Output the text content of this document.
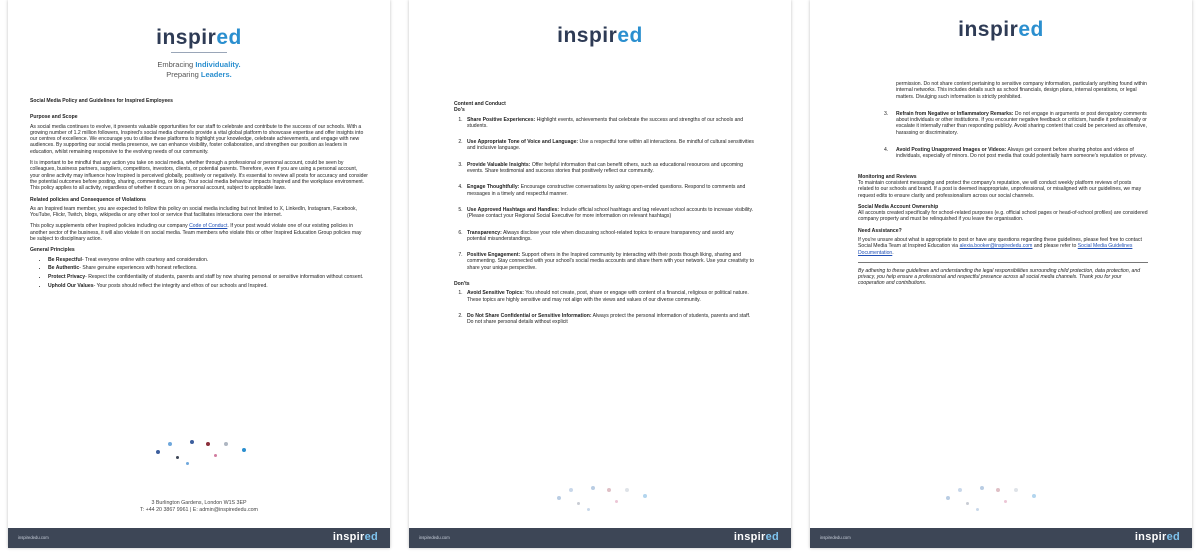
inspired
Embracing Individuality.
Preparing Leaders.
Social Media Policy and Guidelines for Inspired Employees
Purpose and Scope
As social media continues to evolve, it presents valuable opportunities for our staff to celebrate and contribute to the success of our schools. With a growing number of 1.2 million followers, Inspired's social media channels provide a vital global platform to showcase expertise and offer insights into our centres of excellence. We encourage you to utilise these platforms to highlight your knowledge, celebrate achievements, and engage with new audiences. By supporting our social media presence, we can enhance visibility, foster collaboration, and strengthen our position as leaders in education, whilst remaining responsive to the evolving needs of our community.
It is important to be mindful that any action you take on social media, whether through a professional or personal account, could be seen by colleagues, business partners, suppliers, competitors, investors, clients, or potential parents. Therefore, even if you are using a personal account, your online activity may influence how Inspired is perceived globally, positively or negatively. It's essential to review all posts for accuracy and consider the potential outcomes before posting, sharing, commenting, or liking. Your social media behaviour impacts Inspired and the workplace environment. This policy applies to all activity, regardless of whether it occurs on a personal account, subject to applicable laws.
Related policies and Consequence of Violations
As an Inspired team member, you are expected to follow this policy on social media including but not limited to X, LinkedIn, Instagram, Facebook, YouTube, Flickr, Twitch, blogs, wikipedia or any other tool or service that facilitates interactions over the internet.
This policy supplements other Inspired policies including our company Code of Conduct. If your post would violate one of our existing policies in another sector of the business, it will also violate it on social media. Team members who violate this or other Inspired Education Group policies may be subject to disciplinary action.
General Principles
• Be Respectful- Treat everyone online with courtesy and consideration.
• Be Authentic- Share genuine experiences with honest reflections.
• Protect Privacy- Respect the confidentiality of students, parents and staff by now sharing personal or sensitive information without consent.
• Uphold Our Values- Your posts should reflect the integrity and ethos of our schools and Inspired.
3 Burlington Gardens, London W1S 3EP
T: +44 20 3867 9961 | E: admin@inspirededu.com
inspirededu.com	inspired
inspired
Content and Conduct
Do's
1. Share Positive Experiences: Highlight events, achievements that celebrate the success and strengths of our schools and students.
2. Use Appropriate Tone of Voice and Language: Use a respectful tone within all interactions. Be mindful of cultural sensitivities and inclusive language.
3. Provide Valuable Insights: Offer helpful information that can benefit others, such as educational resources and upcoming events. Share testimonial and success stories that positively reflect our community.
4. Engage Thoughtfully: Encourage constructive conversations by asking open-ended questions. Respond to comments and messages in a timely and respectful manner.
5. Use Approved Hashtags and Handles: Include official school hashtags and tag relevant school accounts to increase visibility. (Please contact your Regional Social Executive for more information on relevant hashtags)
6. Transparency: Always disclose your role when discussing school-related topics to ensure transparency and avoid any potential misunderstandings.
7. Positive Engagement: Support others in the Inspired community by interacting with their posts though liking, sharing and commenting. Stay connected with your school's social media accounts and share them with your network. Use your creativity to share your unique perspective.
Don'ts
1. Avoid Sensitive Topics: You should not create, post, share or engage with content of a financial, religious or political nature. These topics are highly sensitive and may not align with the views and values of our diverse community.
2. Do Not Share Confidential or Sensitive Information: Always protect the personal information of students, parents and staff. Do not share personal details without explicit
inspirededu.com	inspired
inspired
permission. Do not share content pertaining to sensitive company information, particularly anything found within internal networks. This includes details such as school financials, design plans, internal operations, or legal matters. Divulging such information is strictly prohibited.
3.	Refrain from Negative or Inflammatory Remarks: Do not engage in arguments or post derogatory comments about individuals or other institutions. If you encounter negative feedback or criticism, handle it professionally or escalate it internally rather than responding publicly. Avoid sharing content that could be perceived as offensive, harassing or discriminatory.
4.	Avoid Posting Unapproved Images or Videos: Always get consent before sharing photos and videos of individuals, especially of minors. Do not post media that could potentially harm someone's reputation or privacy.
Monitoring and Reviews
To maintain consistent messaging and protect the company's reputation, we will conduct weekly platform reviews of posts related to our schools and brand. If a post is deemed inappropriate, unprofessional, or misaligned with our guidelines, we may request edits to ensure clarity and professionalism across our social channels.
Social Media Account Ownership
All accounts created specifically for school-related purposes (e.g. official school pages or head-of-school profiles) are considered company property and must be relinquished if you leave the organisation.
Need Assistance?
If you're unsure about what is appropriate to post or have any questions regarding these guidelines, please feel free to contact Social Media Team at Inspired Education via alexia.booker@inspirededu.com and please refer to Social Media Guidelines Documentation.
By adhering to these guidelines and understanding the legal responsibilities surrounding child protection, data protection, and privacy, you help ensure a professional and respectful presence across all social media channels. Thank you for your cooperation and contributions.
inspirededu.com	inspired
